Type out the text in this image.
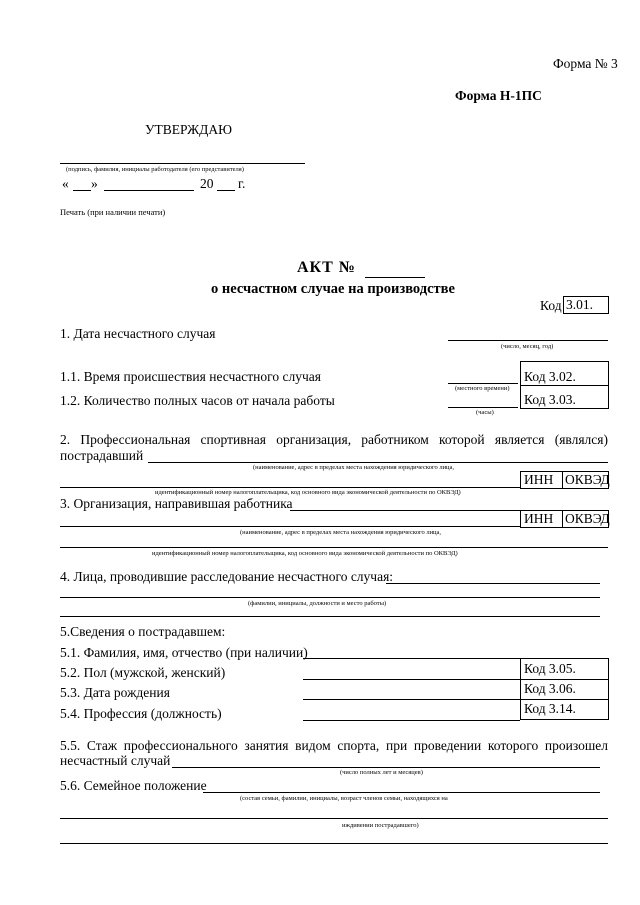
Форма № 3
Форма Н-1ПС
УТВЕРЖДАЮ
(подпись, фамилия, инициалы работодателя (его представителя)
« »	20 г.
Печать (при наличии печати)
АКТ №
о несчастном случае на производстве
Код 3.01.
1. Дата несчастного случая
(число, месяц, год)
1.1. Время происшествия несчастного случая
(местного времени)
1.2. Количество полных часов от начала работы
(часы)
Код 3.02.
Код 3.03.
2. Профессиональная спортивная организация, работником которой является (являлся)
пострадавший
(наименование, адрес в пределах места нахождения юридического лица,
ИНН ОКВЭД
идентификационный номер налогоплательщика, код основного вида экономической деятельности по ОКВЭД)
3. Организация, направившая работника
ИНН ОКВЭД
(наименование, адрес в пределах места нахождения юридического лица,
идентификационный номер налогоплательщика, код основного вида экономической деятельности по ОКВЭД)
4. Лица, проводившие расследование несчастного случая:
(фамилии, инициалы, должности и место работы)
5.Сведения о пострадавшем:
5.1. Фамилия, имя, отчество (при наличии)
5.2. Пол (мужской, женский)
5.3. Дата рождения
5.4. Профессия (должность)
Код 3.05.
Код 3.06.
Код 3.14.
5.5. Стаж профессионального занятия видом спорта, при проведении которого произошел
несчастный случай
(число полных лет и месяцев)
5.6. Семейное положение
(состав семьи, фамилии, инициалы, возраст членов семьи, находящихся на
иждивении пострадавшего)
